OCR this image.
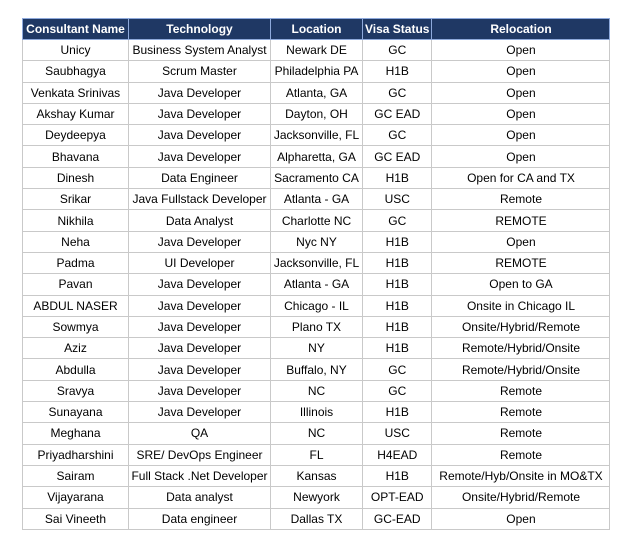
Consultant Name	Technology	Location	Visa Status	Relocation
Unicy	Business System Analyst	Newark DE	GC	Open
Saubhagya	Scrum Master	Philadelphia PA	H1B	Open
Venkata Srinivas	Java Developer	Atlanta, GA	GC	Open
Akshay Kumar	Java Developer	Dayton, OH	GC EAD	Open
Deydeepya	Java Developer	Jacksonville, FL	GC	Open
Bhavana	Java Developer	Alpharetta, GA	GC EAD	Open
Dinesh	Data Engineer	Sacramento CA	H1B	Open for CA and TX
Srikar	Java Fullstack Developer	Atlanta - GA	USC	Remote
Nikhila	Data Analyst	Charlotte NC	GC	REMOTE
Neha	Java Developer	Nyc NY	H1B	Open
Padma	UI Developer	Jacksonville, FL	H1B	REMOTE
Pavan	Java Developer	Atlanta - GA	H1B	Open to GA
ABDUL NASER	Java Developer	Chicago - IL	H1B	Onsite in Chicago IL
Sowmya	Java Developer	Plano TX	H1B	Onsite/Hybrid/Remote
Aziz	Java Developer	NY	H1B	Remote/Hybrid/Onsite
Abdulla	Java Developer	Buffalo, NY	GC	Remote/Hybrid/Onsite
Sravya	Java Developer	NC	GC	Remote
Sunayana	Java Developer	Illinois	H1B	Remote
Meghana	QA	NC	USC	Remote
Priyadharshini	SRE/ DevOps Engineer	FL	H4EAD	Remote
Sairam	Full Stack .Net Developer	Kansas	H1B	Remote/Hyb/Onsite in MO&TX
Vijayarana	Data analyst	Newyork	OPT-EAD	Onsite/Hybrid/Remote
Sai Vineeth	Data engineer	Dallas TX	GC-EAD	Open
